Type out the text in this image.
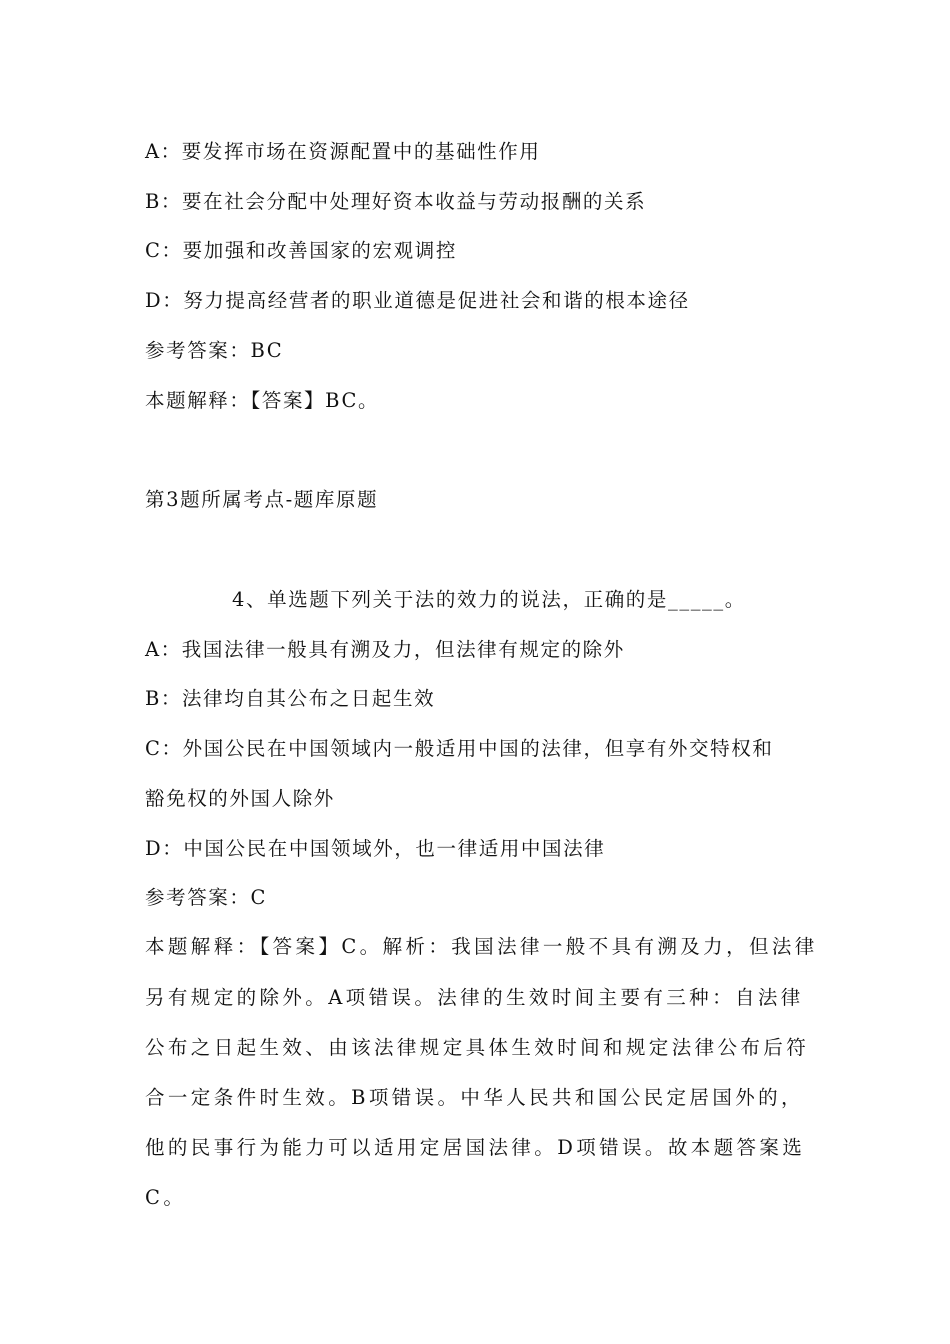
A：要发挥市场在资源配置中的基础性作用

B：要在社会分配中处理好资本收益与劳动报酬的关系

C：要加强和改善国家的宏观调控

D：努力提高经营者的职业道德是促进社会和谐的根本途径

参考答案：BC

本题解释：【答案】BC。

第3题所属考点-题库原题

4、单选题下列关于法的效力的说法，正确的是_____。

A：我国法律一般具有溯及力，但法律有规定的除外

B：法律均自其公布之日起生效

C：外国公民在中国领域内一般适用中国的法律，但享有外交特权和

豁免权的外国人除外

D：中国公民在中国领域外，也一律适用中国法律

参考答案：C

本题解释：【答案】C。解析：我国法律一般不具有溯及力，但法律

另有规定的除外。A项错误。法律的生效时间主要有三种：自法律

公布之日起生效、由该法律规定具体生效时间和规定法律公布后符

合一定条件时生效。B项错误。中华人民共和国公民定居国外的，

他的民事行为能力可以适用定居国法律。D项错误。故本题答案选

C。
